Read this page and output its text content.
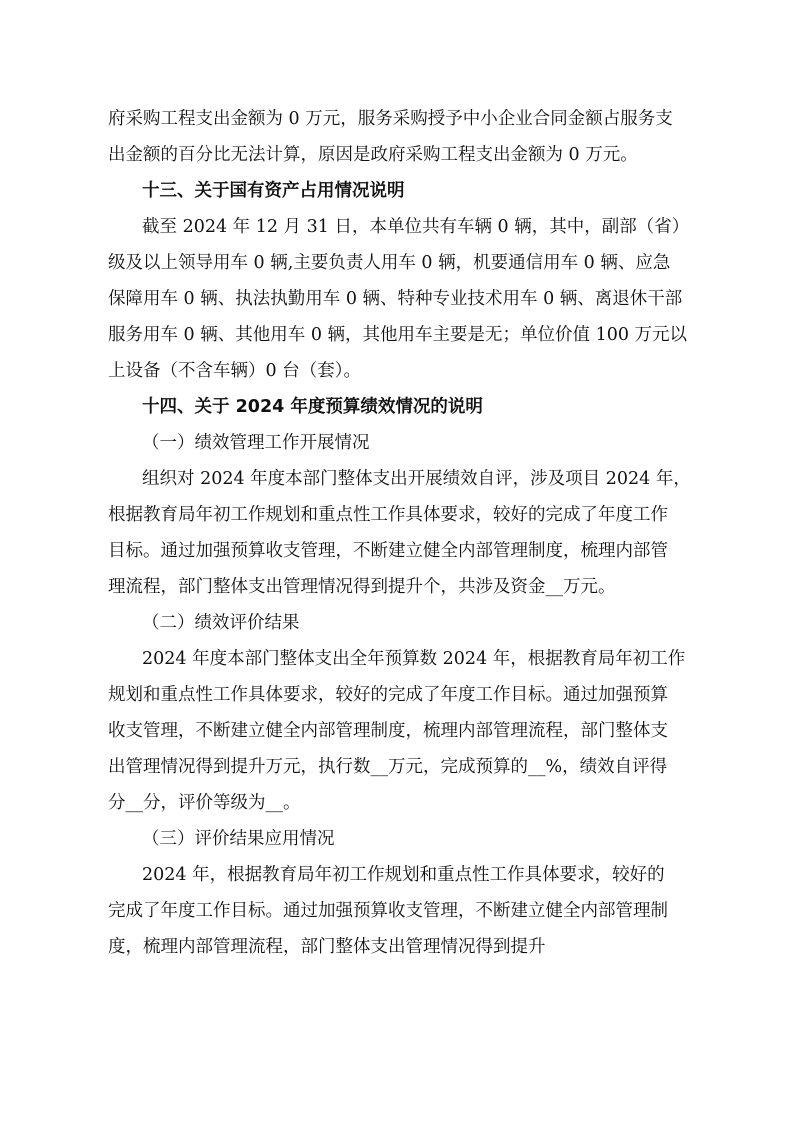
府采购工程支出金额为 0 万元，服务采购授予中小企业合同金额占服务支
出金额的百分比无法计算，原因是政府采购工程支出金额为 0 万元。
十三、关于国有资产占用情况说明
截至 2024 年 12 月 31 日，本单位共有车辆 0 辆，其中，副部（省）
级及以上领导用车 0 辆,主要负责人用车 0 辆，机要通信用车 0 辆、应急
保障用车 0 辆、执法执勤用车 0 辆、特种专业技术用车 0 辆、离退休干部
服务用车 0 辆、其他用车 0 辆，其他用车主要是无；单位价值 100 万元以
上设备（不含车辆）0 台（套）。
十四、关于 2024 年度预算绩效情况的说明
（一）绩效管理工作开展情况
组织对 2024 年度本部门整体支出开展绩效自评，涉及项目 2024 年，
根据教育局年初工作规划和重点性工作具体要求，较好的完成了年度工作
目标。通过加强预算收支管理，不断建立健全内部管理制度，梳理内部管
理流程，部门整体支出管理情况得到提升个，共涉及资金__万元。
（二）绩效评价结果
2024 年度本部门整体支出全年预算数 2024 年，根据教育局年初工作
规划和重点性工作具体要求，较好的完成了年度工作目标。通过加强预算
收支管理，不断建立健全内部管理制度，梳理内部管理流程，部门整体支
出管理情况得到提升万元，执行数__万元，完成预算的__%，绩效自评得
分__分，评价等级为__。
（三）评价结果应用情况
2024 年，根据教育局年初工作规划和重点性工作具体要求，较好的
完成了年度工作目标。通过加强预算收支管理，不断建立健全内部管理制
度，梳理内部管理流程，部门整体支出管理情况得到提升
